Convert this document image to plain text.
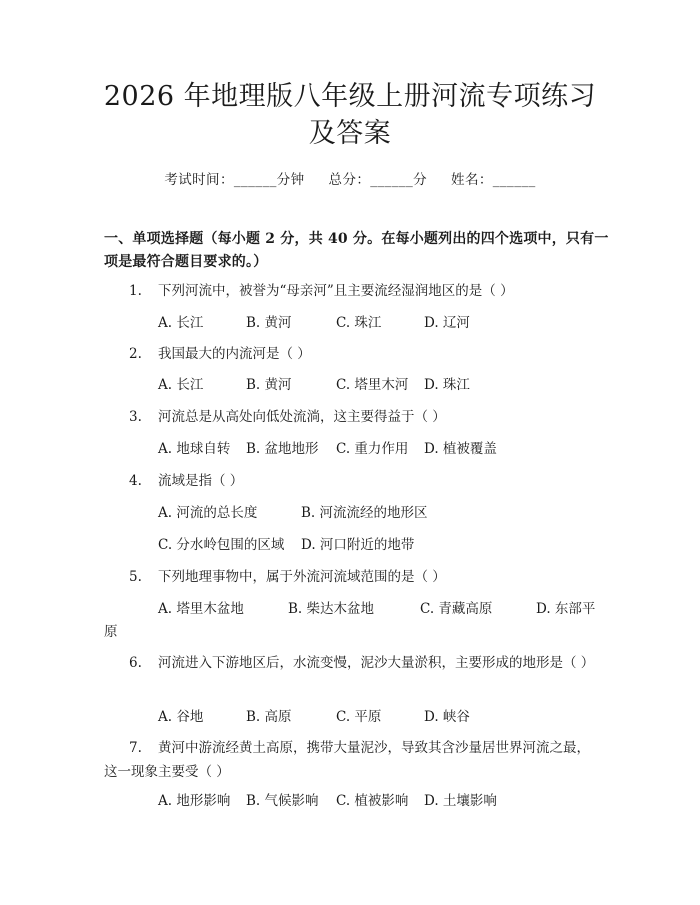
2026 年地理版八年级上册河流专项练习及答案
考试时间：______分钟 总分：______分 姓名：______
一、单项选择题（每小题 2 分，共 40 分。在每小题列出的四个选项中，只有一项是最符合题目要求的。）
1.	下列河流中，被誉为“母亲河”且主要流经湿润地区的是（ ）
A. 长江	B. 黄河	C. 珠江	D. 辽河
2.	我国最大的内流河是（ ）
A. 长江	B. 黄河	C. 塔里木河 D. 珠江
3.	河流总是从高处向低处流淌，这主要得益于（ ）
A. 地球自转 B. 盆地地形 C. 重力作用 D. 植被覆盖
4.	流域是指（ ）
A. 河流的总长度	B. 河流流经的地形区
C. 分水岭包围的区域 D. 河口附近的地带
5.	下列地理事物中，属于外流河流域范围的是（ ）
A. 塔里木盆地	B. 柴达木盆地	C. 青藏高原	D. 东部平
原
6.	河流进入下游地区后，水流变慢，泥沙大量淤积，主要形成的地形是（ ）
A. 谷地	B. 高原	C. 平原	D. 峡谷
7.	黄河中游流经黄土高原，携带大量泥沙，导致其含沙量居世界河流之最，这一现象主要受（ ）
A. 地形影响 B. 气候影响 C. 植被影响 D. 土壤影响
